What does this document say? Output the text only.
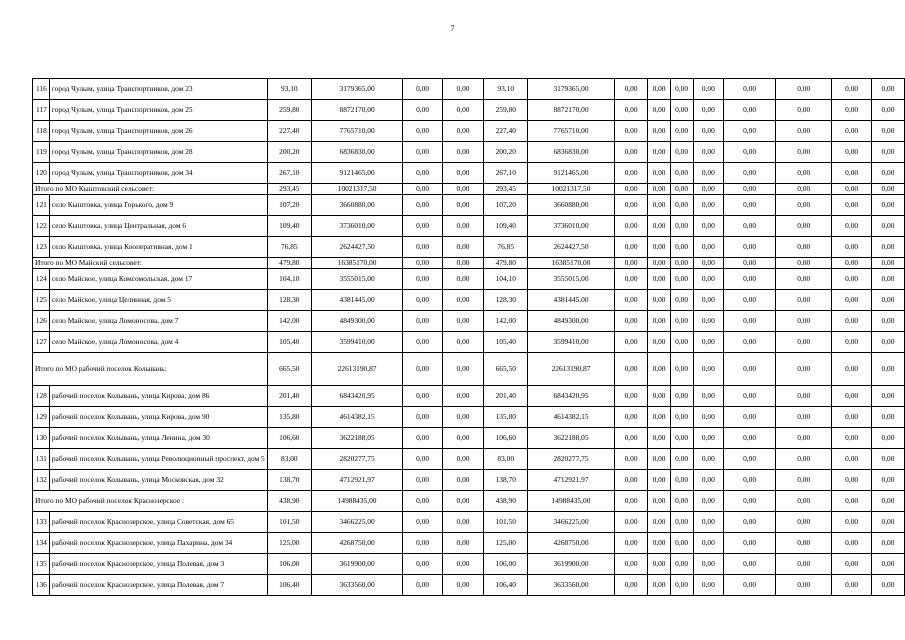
7
116	город Чулым, улица Транспортников, дом 23	93,10	3179365,00	0,00	0,00	93,10	3179365,00	0,00	0,00	0,00	0,00	0,00	0,00	0,00	0,00
117	город Чулым, улица Транспортников, дом 25	259,80	8872170,00	0,00	0,00	259,80	8872170,00	0,00	0,00	0,00	0,00	0,00	0,00	0,00	0,00
118	город Чулым, улица Транспортников, дом 26	227,40	7765710,00	0,00	0,00	227,40	7765710,00	0,00	0,00	0,00	0,00	0,00	0,00	0,00	0,00
119	город Чулым, улица Транспортников, дом 28	200,20	6836830,00	0,00	0,00	200,20	6836830,00	0,00	0,00	0,00	0,00	0,00	0,00	0,00	0,00
120	город Чулым, улица Транспортников, дом 34	267,10	9121465,00	0,00	0,00	267,10	9121465,00	0,00	0,00	0,00	0,00	0,00	0,00	0,00	0,00
Итого по МО Кыштовский сельсовет:		293,45	10021317,50	0,00	0,00	293,45	10021317,50	0,00	0,00	0,00	0,00	0,00	0,00	0,00	0,00
121	село Кыштовка, улица Горького, дом 9	107,20	3660880,00	0,00	0,00	107,20	3660880,00	0,00	0,00	0,00	0,00	0,00	0,00	0,00	0,00
122	село Кыштовка, улица Центральная, дом 6	109,40	3736010,00	0,00	0,00	109,40	3736010,00	0,00	0,00	0,00	0,00	0,00	0,00	0,00	0,00
123	село Кыштовка, улица Кооперативная, дом 1	76,85	2624427,50	0,00	0,00	76,85	2624427,50	0,00	0,00	0,00	0,00	0,00	0,00	0,00	0,00
Итого по МО Майский сельсовет:		479,80	16385170,00	0,00	0,00	479,80	16385170,00	0,00	0,00	0,00	0,00	0,00	0,00	0,00	0,00
124	село Майское, улица Комсомольская, дом 17	104,10	3555015,00	0,00	0,00	104,10	3555015,00	0,00	0,00	0,00	0,00	0,00	0,00	0,00	0,00
125	село Майское, улица Целинная, дом 5	128,30	4381445,00	0,00	0,00	128,30	4381445,00	0,00	0,00	0,00	0,00	0,00	0,00	0,00	0,00
126	село Майское, улица Ломоносова, дом 7	142,00	4849300,00	0,00	0,00	142,00	4849300,00	0,00	0,00	0,00	0,00	0,00	0,00	0,00	0,00
127	село Майское, улица Ломоносова, дом 4	105,40	3599410,00	0,00	0,00	105,40	3599410,00	0,00	0,00	0,00	0,00	0,00	0,00	0,00	0,00
Итого по МО рабочий поселок Колывань:		665,50	22613190,87	0,00	0,00	665,50	22613190,87	0,00	0,00	0,00	0,00	0,00	0,00	0,00	0,00
128	рабочий поселок Колывань, улица Кирова, дом 86	201,40	6843420,95	0,00	0,00	201,40	6843420,95	0,00	0,00	0,00	0,00	0,00	0,00	0,00	0,00
129	рабочий поселок Колывань, улица Кирова, дом 90	135,80	4614382,15	0,00	0,00	135,80	4614382,15	0,00	0,00	0,00	0,00	0,00	0,00	0,00	0,00
130	рабочий поселок Колывань, улица Ленина, дом 30	106,60	3622188,05	0,00	0,00	106,60	3622188,05	0,00	0,00	0,00	0,00	0,00	0,00	0,00	0,00
131	рабочий поселок Колывань, улица Революционный проспект, дом 5	83,00	2820277,75	0,00	0,00	83,00	2820277,75	0,00	0,00	0,00	0,00	0,00	0,00	0,00	0,00
132	рабочий поселок Колывань, улица Московская, дом 32	138,70	4712921,97	0,00	0,00	138,70	4712921,97	0,00	0,00	0,00	0,00	0,00	0,00	0,00	0,00
Итого по МО рабочий поселок Краснозерское :		438,90	14988435,00	0,00	0,00	438,90	14988435,00	0,00	0,00	0,00	0,00	0,00	0,00	0,00	0,00
133	рабочий поселок Краснозерское, улица Советская, дом 65	101,50	3466225,00	0,00	0,00	101,50	3466225,00	0,00	0,00	0,00	0,00	0,00	0,00	0,00	0,00
134	рабочий поселок Краснозерское, улица Пахарина, дом 34	125,00	4268750,00	0,00	0,00	125,00	4268750,00	0,00	0,00	0,00	0,00	0,00	0,00	0,00	0,00
135	рабочий поселок Краснозерское, улица Полевая, дом 3	106,00	3619900,00	0,00	0,00	106,00	3619900,00	0,00	0,00	0,00	0,00	0,00	0,00	0,00	0,00
136	рабочий поселок Краснозерское, улица Полевая, дом 7	106,40	3633560,00	0,00	0,00	106,40	3633560,00	0,00	0,00	0,00	0,00	0,00	0,00	0,00	0,00
